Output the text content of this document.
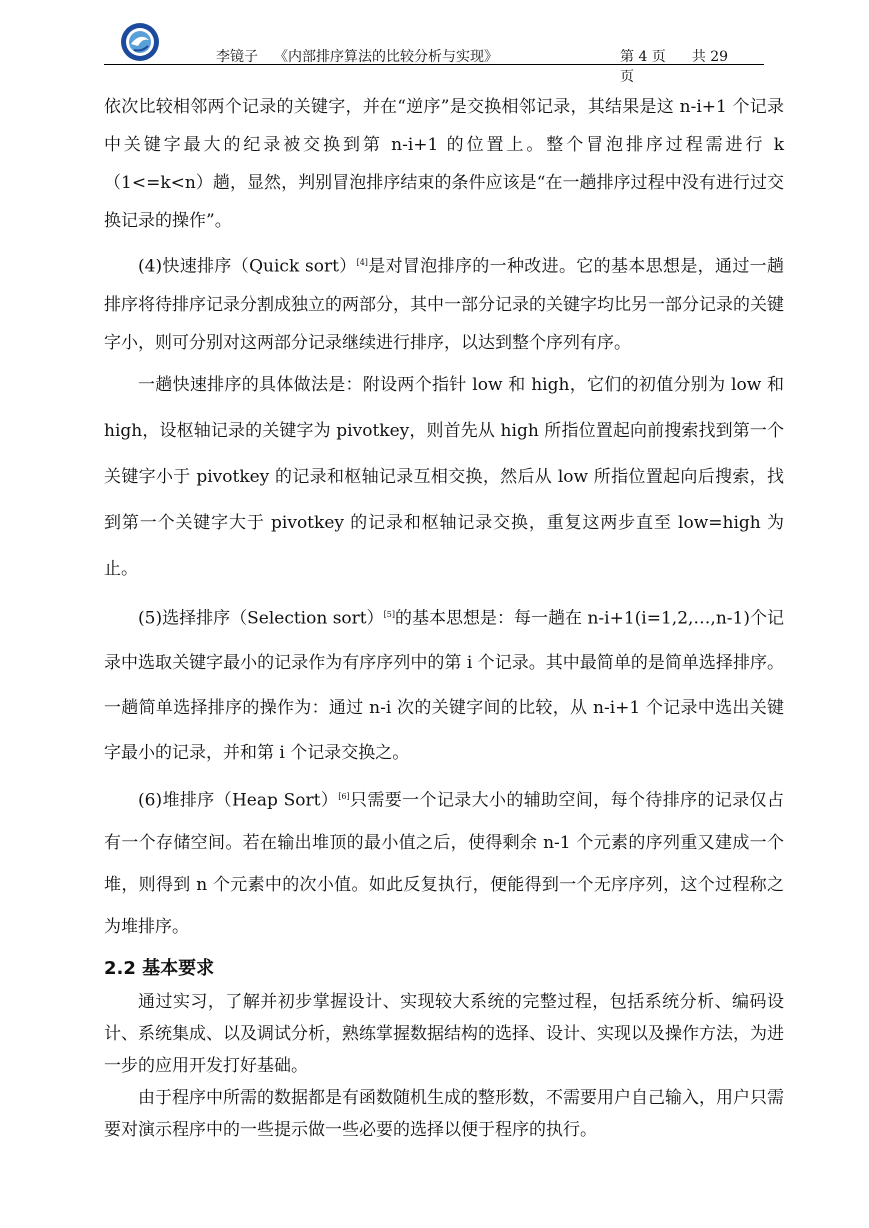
李镜子 《内部排序算法的比较分析与实现》	第 4 页 共 29 页

依次比较相邻两个记录的关键字，并在“逆序”是交换相邻记录，其结果是这 n-i+1 个记录中关键字最大的纪录被交换到第 n-i+1 的位置上。整个冒泡排序过程需进行 k（1<=k<n）趟，显然，判别冒泡排序结束的条件应该是“在一趟排序过程中没有进行过交换记录的操作”。

(4)快速排序（Quick sort）[4]是对冒泡排序的一种改进。它的基本思想是，通过一趟排序将待排序记录分割成独立的两部分，其中一部分记录的关键字均比另一部分记录的关键字小，则可分别对这两部分记录继续进行排序，以达到整个序列有序。

一趟快速排序的具体做法是：附设两个指针 low 和 high，它们的初值分别为 low 和 high，设枢轴记录的关键字为 pivotkey，则首先从 high 所指位置起向前搜索找到第一个关键字小于 pivotkey 的记录和枢轴记录互相交换，然后从 low 所指位置起向后搜索，找到第一个关键字大于 pivotkey 的记录和枢轴记录交换，重复这两步直至 low=high 为止。

(5)选择排序（Selection sort）[5]的基本思想是：每一趟在 n-i+1(i=1,2,…,n-1)个记录中选取关键字最小的记录作为有序序列中的第 i 个记录。其中最简单的是简单选择排序。一趟简单选择排序的操作为：通过 n-i 次的关键字间的比较，从 n-i+1 个记录中选出关键字最小的记录，并和第 i 个记录交换之。

(6)堆排序（Heap Sort）[6]只需要一个记录大小的辅助空间，每个待排序的记录仅占有一个存储空间。若在输出堆顶的最小值之后，使得剩余 n-1 个元素的序列重又建成一个堆，则得到 n 个元素中的次小值。如此反复执行，便能得到一个无序序列，这个过程称之为堆排序。

2.2 基本要求

通过实习，了解并初步掌握设计、实现较大系统的完整过程，包括系统分析、编码设计、系统集成、以及调试分析，熟练掌握数据结构的选择、设计、实现以及操作方法，为进一步的应用开发打好基础。

由于程序中所需的数据都是有函数随机生成的整形数，不需要用户自己输入，用户只需要对演示程序中的一些提示做一些必要的选择以便于程序的执行。
